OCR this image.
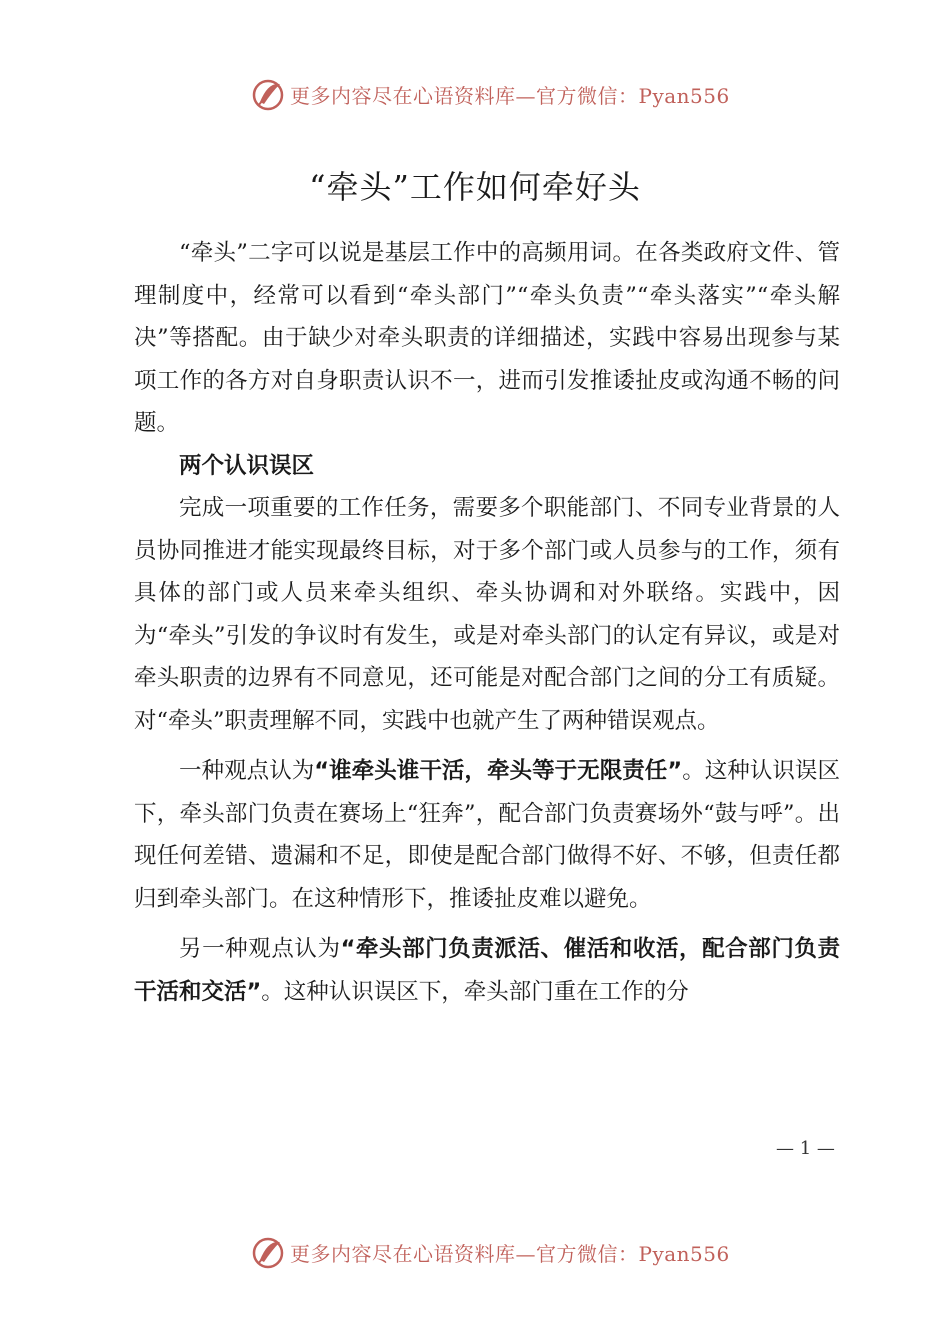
更多内容尽在心语资料库—官方微信：Pyan556
“牵头”工作如何牵好头

“牵头”二字可以说是基层工作中的高频用词。在各类政府文件、管理制度中，经常可以看到“牵头部门”“牵头负责”“牵头落实”“牵头解决”等搭配。由于缺少对牵头职责的详细描述，实践中容易出现参与某项工作的各方对自身职责认识不一，进而引发推诿扯皮或沟通不畅的问题。

两个认识误区

完成一项重要的工作任务，需要多个职能部门、不同专业背景的人员协同推进才能实现最终目标，对于多个部门或人员参与的工作，须有具体的部门或人员来牵头组织、牵头协调和对外联络。实践中，因为“牵头”引发的争议时有发生，或是对牵头部门的认定有异议，或是对牵头职责的边界有不同意见，还可能是对配合部门之间的分工有质疑。对“牵头”职责理解不同，实践中也就产生了两种错误观点。

一种观点认为“谁牵头谁干活，牵头等于无限责任”。这种认识误区下，牵头部门负责在赛场上“狂奔”，配合部门负责赛场外“鼓与呼”。出现任何差错、遗漏和不足，即使是配合部门做得不好、不够，但责任都归到牵头部门。在这种情形下，推诿扯皮难以避免。

另一种观点认为“牵头部门负责派活、催活和收活，配合部门负责干活和交活”。这种认识误区下，牵头部门重在工作的分

— 1 —
更多内容尽在心语资料库—官方微信：Pyan556
